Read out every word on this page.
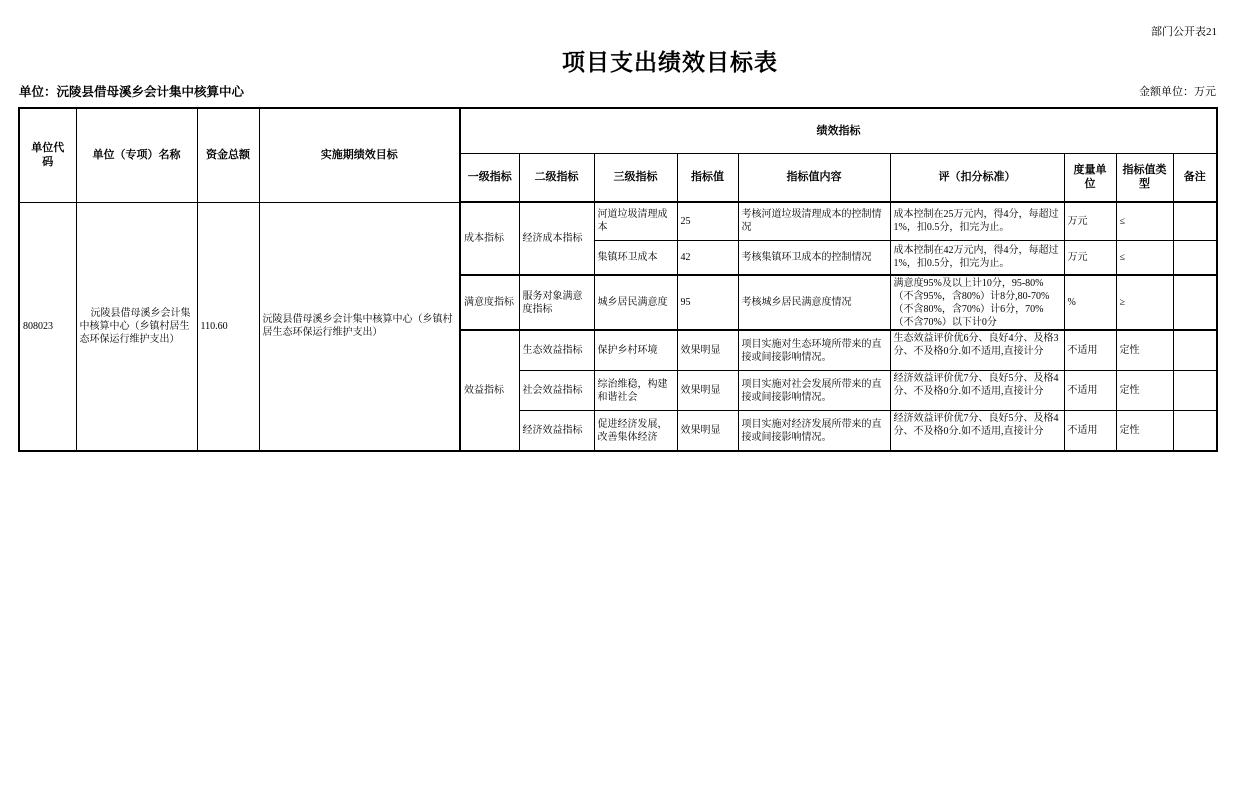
部门公开表21
项目支出绩效目标表
单位：沅陵县借母溪乡会计集中核算中心	金额单位：万元
单位代码	单位（专项）名称	资金总额	实施期绩效目标	绩效指标								
				一级指标	二级指标	三级指标	指标值	指标值内容	评（扣分标准）	度量单位	指标值类型	备注
808023	沅陵县借母溪乡会计集中核算中心（乡镇村居生态环保运行维护支出）	110.60	沅陵县借母溪乡会计集中核算中心（乡镇村居生态环保运行维护支出）	成本指标	经济成本指标	河道垃圾清理成本	25	考核河道垃圾清理成本的控制情况	成本控制在25万元内，得4分，每超过1%，扣0.5分，扣完为止。	万元	≤	
						集镇环卫成本	42	考核集镇环卫成本的控制情况	成本控制在42万元内，得4分，每超过1%，扣0.5分，扣完为止。	万元	≤	
				满意度指标	服务对象满意度指标	城乡居民满意度	95	考核城乡居民满意度情况	满意度95%及以上计10分，95-80%（不含95%，含80%）计8分,80-70%（不含80%，含70%）计6分，70%（不含70%）以下计0分	%	≥	
				效益指标	生态效益指标	保护乡村环境	效果明显	项目实施对生态环境所带来的直接或间接影响情况。	生态效益评价优6分、良好4分、及格3分、不及格0分.如不适用,直接计分	不适用	定性	
					社会效益指标	综治维稳，构建和谐社会	效果明显	项目实施对社会发展所带来的直接或间接影响情况。	经济效益评价优7分、良好5分、及格4分、不及格0分.如不适用,直接计分	不适用	定性	
					经济效益指标	促进经济发展，改善集体经济	效果明显	项目实施对经济发展所带来的直接或间接影响情况。	经济效益评价优7分、良好5分、及格4分、不及格0分.如不适用,直接计分	不适用	定性	
